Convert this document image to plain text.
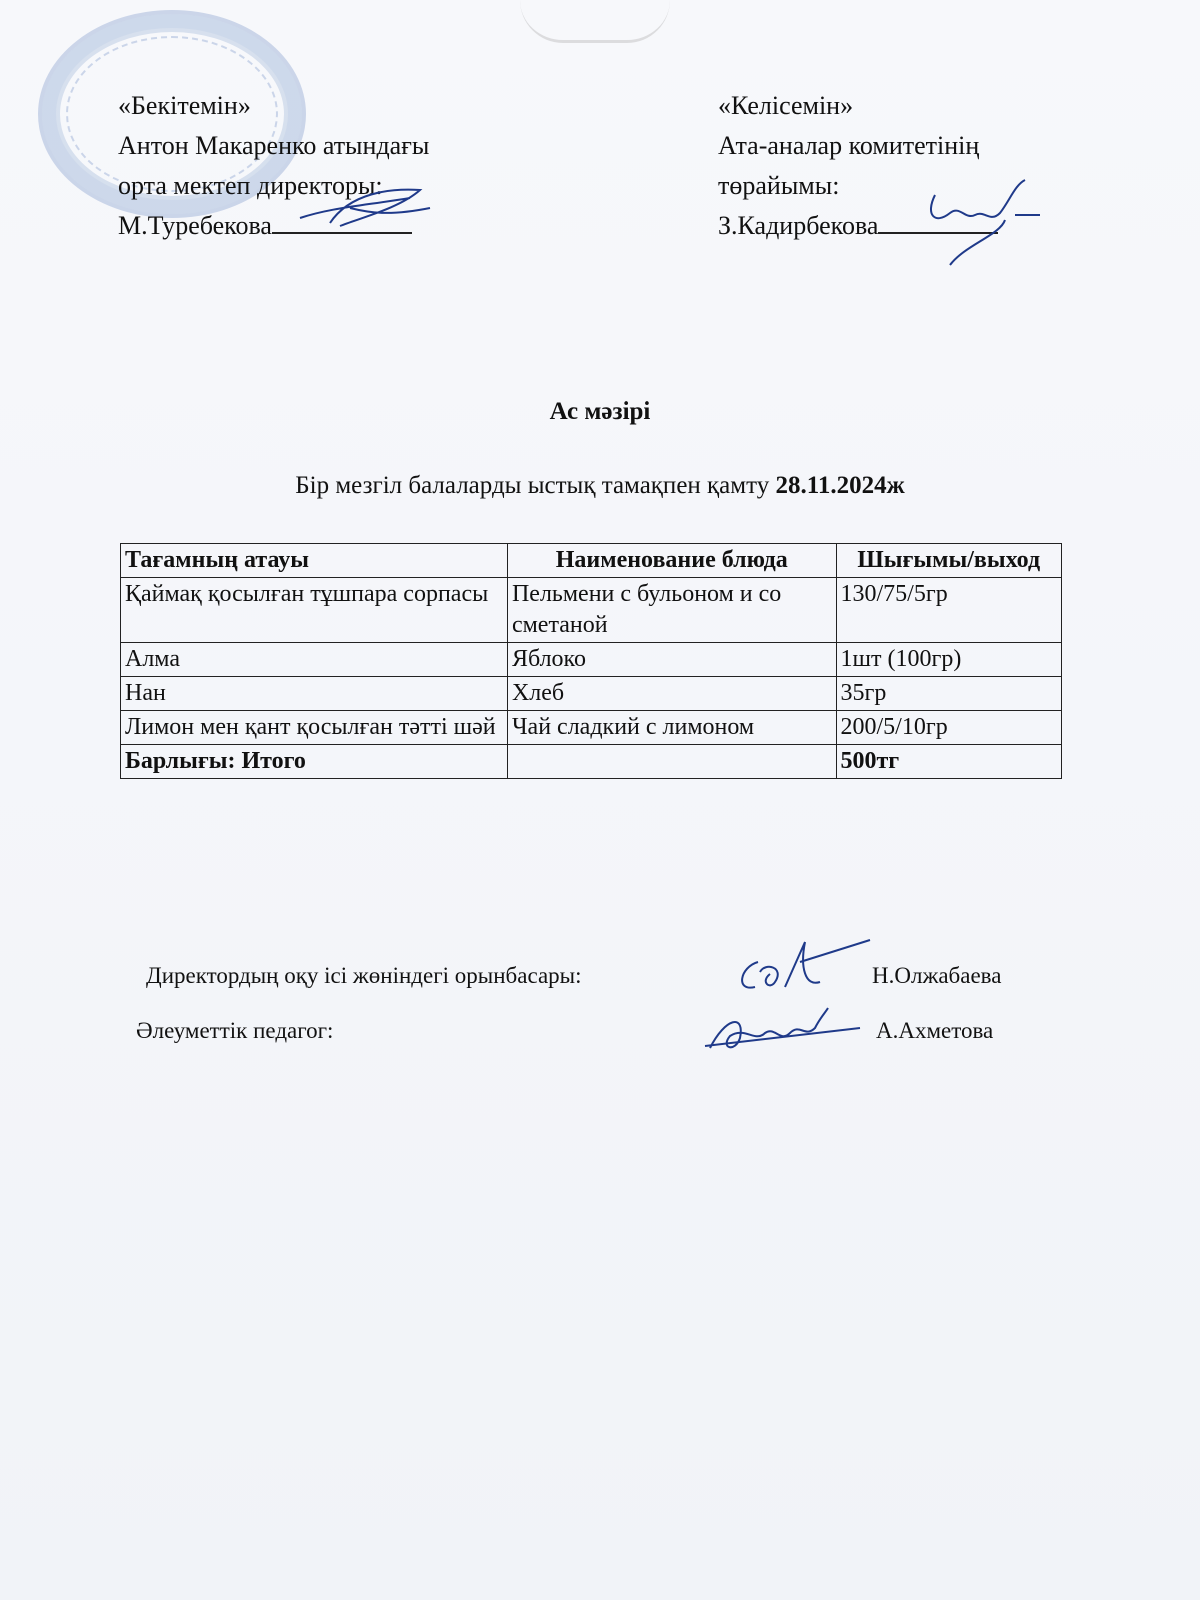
«Бекітемін»
Антон Макаренко атындағы
орта мектеп директоры:
М.Туребекова
«Келісемін»
Ата-аналар комитетінің
төрайымы:
З.Кадирбекова
Ас мәзірі
Бір мезгіл балаларды ыстық тамақпен қамту 28.11.2024ж
Тағамның атауы	Наименование блюда	Шығымы/выход
Қаймақ қосылған тұшпара сорпасы	Пельмени с бульоном и со сметаной	130/75/5гр
Алма	Яблоко	1шт (100гр)
Нан	Хлеб	35гр
Лимон мен қант қосылған тәтті шәй	Чай сладкий с лимоном	200/5/10гр
Барлығы: Итого		500тг
Директордың оқу ісі жөніндегі орынбасары:	Н.Олжабаева
Әлеуметтік педагог:	А.Ахметова
